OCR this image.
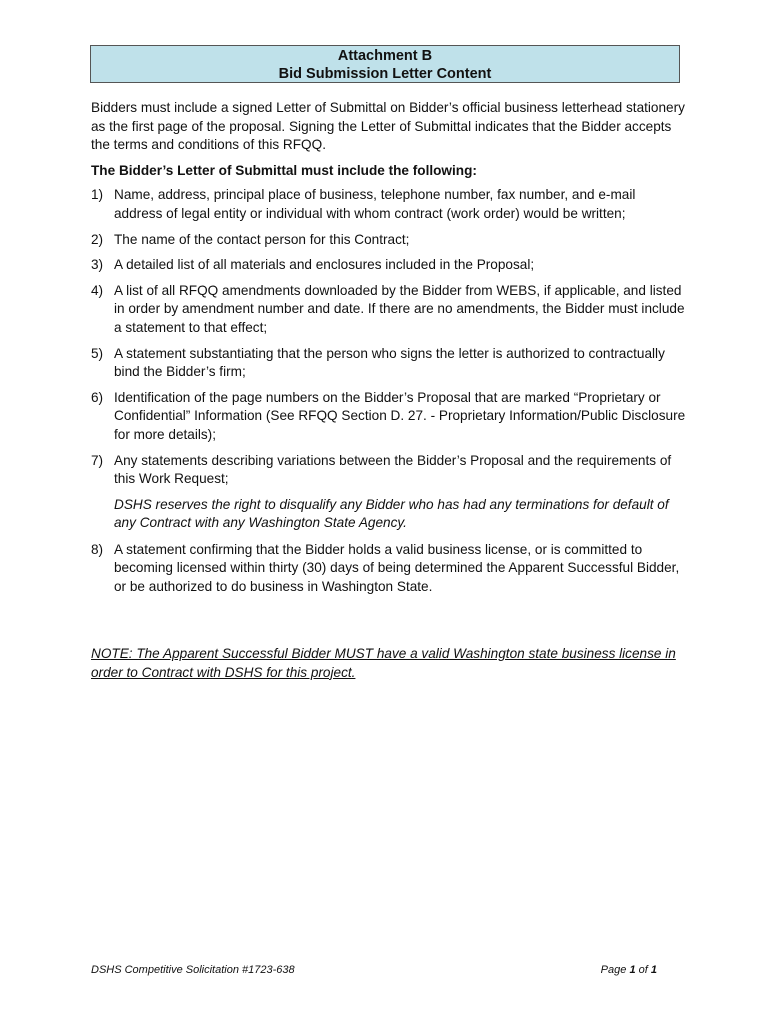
Attachment B
Bid Submission Letter Content

Bidders must include a signed Letter of Submittal on Bidder’s official business letterhead stationery as the first page of the proposal. Signing the Letter of Submittal indicates that the Bidder accepts the terms and conditions of this RFQQ.

The Bidder’s Letter of Submittal must include the following:

1) Name, address, principal place of business, telephone number, fax number, and e-mail address of legal entity or individual with whom contract (work order) would be written;
2) The name of the contact person for this Contract;
3) A detailed list of all materials and enclosures included in the Proposal;
4) A list of all RFQQ amendments downloaded by the Bidder from WEBS, if applicable, and listed in order by amendment number and date. If there are no amendments, the Bidder must include a statement to that effect;
5) A statement substantiating that the person who signs the letter is authorized to contractually bind the Bidder’s firm;
6) Identification of the page numbers on the Bidder’s Proposal that are marked “Proprietary or Confidential” Information (See RFQQ Section D. 27. - Proprietary Information/Public Disclosure for more details);
7) Any statements describing variations between the Bidder’s Proposal and the requirements of this Work Request;

DSHS reserves the right to disqualify any Bidder who has had any terminations for default of any Contract with any Washington State Agency.

8) A statement confirming that the Bidder holds a valid business license, or is committed to becoming licensed within thirty (30) days of being determined the Apparent Successful Bidder, or be authorized to do business in Washington State.

NOTE: The Apparent Successful Bidder MUST have a valid Washington state business license in order to Contract with DSHS for this project.

DSHS Competitive Solicitation #1723-638	Page 1 of 1
